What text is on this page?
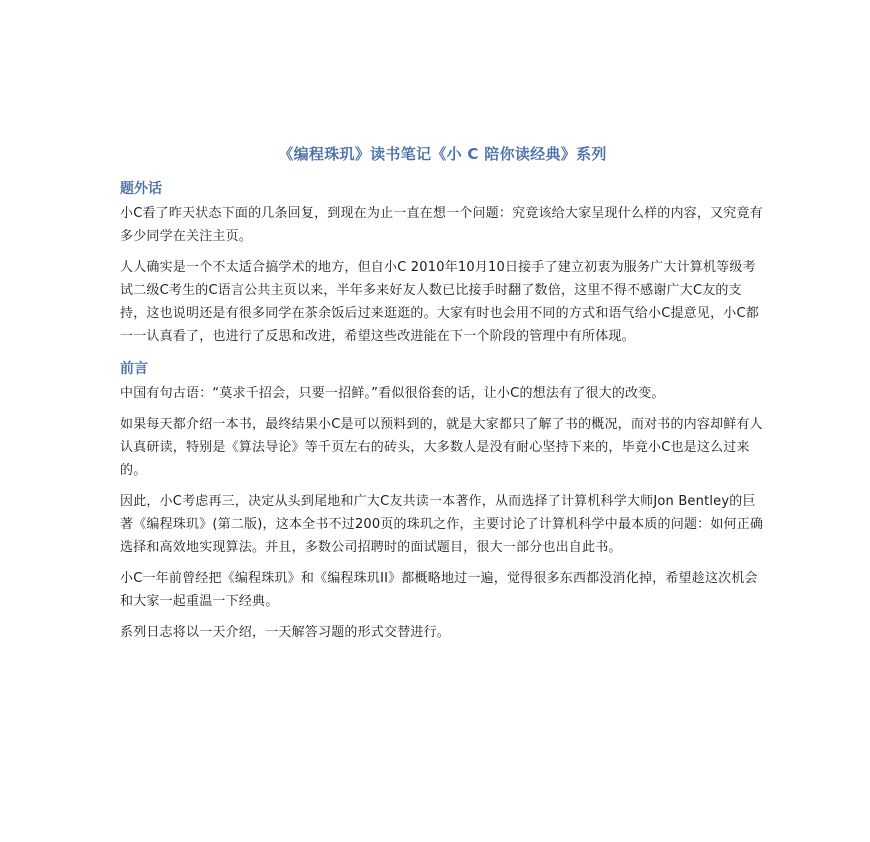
《编程珠玑》读书笔记《小 C 陪你读经典》系列
题外话

小C看了昨天状态下面的几条回复，到现在为止一直在想一个问题：究竟该给大家呈现什么样的内容，又究竟有多少同学在关注主页。

人人确实是一个不太适合搞学术的地方，但自小C 2010年10月10日接手了建立初衷为服务广大计算机等级考试二级C考生的C语言公共主页以来，半年多来好友人数已比接手时翻了数倍，这里不得不感谢广大C友的支持，这也说明还是有很多同学在茶余饭后过来逛逛的。大家有时也会用不同的方式和语气给小C提意见，小C都一一认真看了，也进行了反思和改进，希望这些改进能在下一个阶段的管理中有所体现。

前言

中国有句古语：“莫求千招会，只要一招鲜。”看似很俗套的话，让小C的想法有了很大的改变。

如果每天都介绍一本书，最终结果小C是可以预料到的，就是大家都只了解了书的概况，而对书的内容却鲜有人认真研读，特别是《算法导论》等千页左右的砖头，大多数人是没有耐心坚持下来的，毕竟小C也是这么过来的。

因此，小C考虑再三，决定从头到尾地和广大C友共读一本著作，从而选择了计算机科学大师Jon Bentley的巨著《编程珠玑》(第二版)，这本全书不过200页的珠玑之作，主要讨论了计算机科学中最本质的问题：如何正确选择和高效地实现算法。并且，多数公司招聘时的面试题目，很大一部分也出自此书。

小C一年前曾经把《编程珠玑》和《编程珠玑II》都概略地过一遍，觉得很多东西都没消化掉，希望趁这次机会和大家一起重温一下经典。

系列日志将以一天介绍，一天解答习题的形式交替进行。
